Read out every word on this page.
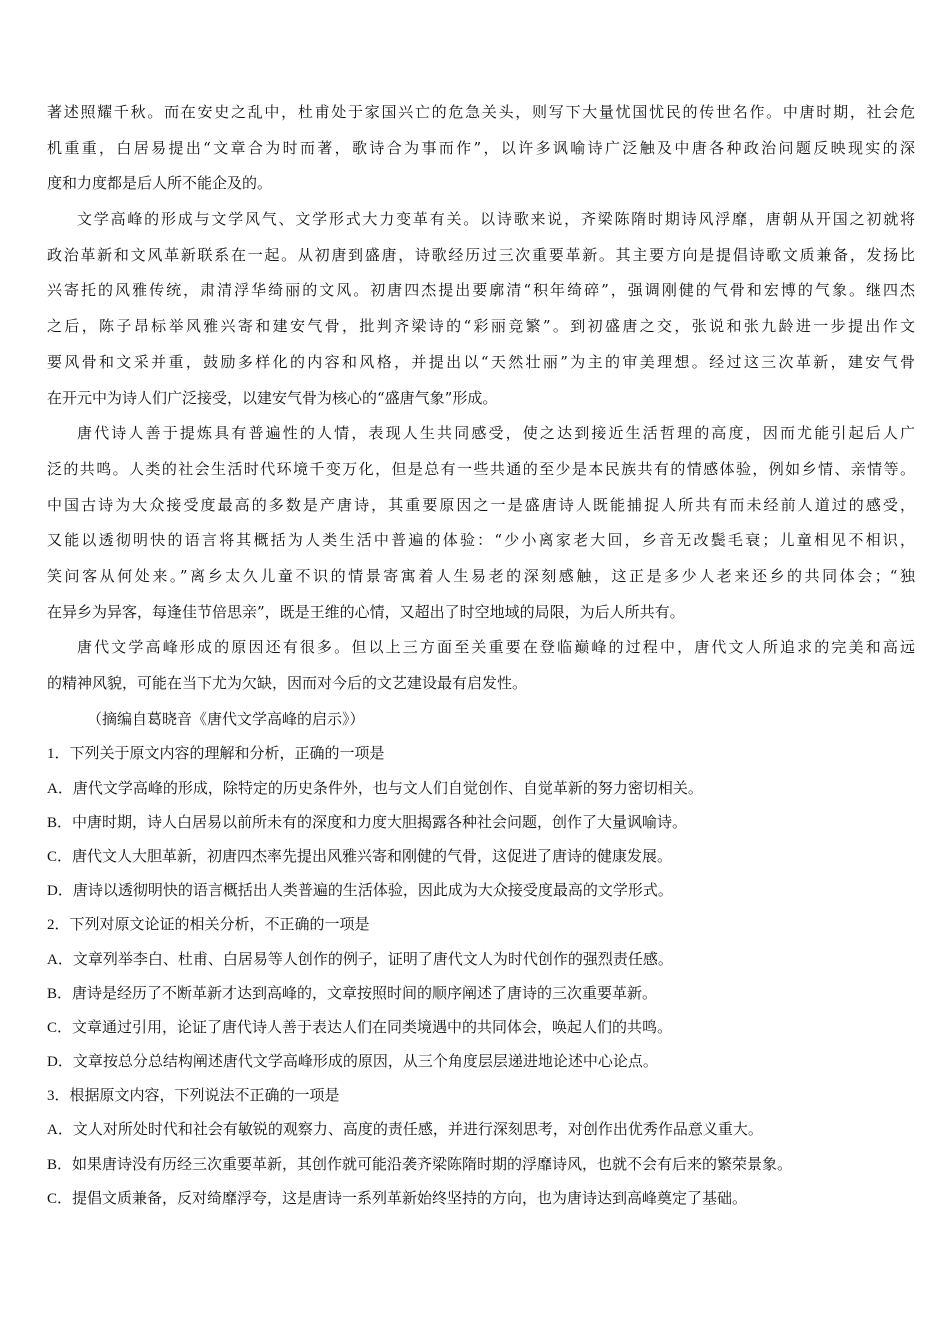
著述照耀千秋。而在安史之乱中，杜甫处于家国兴亡的危急关头，则写下大量忧国忧民的传世名作。中唐时期，社会危
机重重，白居易提出“文章合为时而著，歌诗合为事而作”，以许多讽喻诗广泛触及中唐各种政治问题反映现实的深
度和力度都是后人所不能企及的。
文学高峰的形成与文学风气、文学形式大力变革有关。以诗歌来说，齐梁陈隋时期诗风浮靡，唐朝从开国之初就将
政治革新和文风革新联系在一起。从初唐到盛唐，诗歌经历过三次重要革新。其主要方向是提倡诗歌文质兼备，发扬比
兴寄托的风雅传统，肃清浮华绮丽的文风。初唐四杰提出要廓清“积年绮碎”，强调刚健的气骨和宏博的气象。继四杰
之后，陈子昂标举风雅兴寄和建安气骨，批判齐梁诗的“彩丽竞繁”。到初盛唐之交，张说和张九龄进一步提出作文
要风骨和文采并重，鼓励多样化的内容和风格，并提出以“天然壮丽”为主的审美理想。经过这三次革新，建安气骨
在开元中为诗人们广泛接受，以建安气骨为核心的“盛唐气象”形成。
唐代诗人善于提炼具有普遍性的人情，表现人生共同感受，使之达到接近生活哲理的高度，因而尤能引起后人广
泛的共鸣。人类的社会生活时代环境千变万化，但是总有一些共通的至少是本民族共有的情感体验，例如乡情、亲情等。
中国古诗为大众接受度最高的多数是产唐诗，其重要原因之一是盛唐诗人既能捕捉人所共有而未经前人道过的感受，
又能以透彻明快的语言将其概括为人类生活中普遍的体验：“少小离家老大回，乡音无改鬓毛衰；儿童相见不相识，
笑问客从何处来。”离乡太久儿童不识的情景寄寓着人生易老的深刻感触，这正是多少人老来还乡的共同体会；“独
在异乡为异客，每逢佳节倍思亲”，既是王维的心情，又超出了时空地域的局限，为后人所共有。
唐代文学高峰形成的原因还有很多。但以上三方面至关重要在登临巅峰的过程中，唐代文人所追求的完美和高远
的精神风貌，可能在当下尤为欠缺，因而对今后的文艺建设最有启发性。
（摘编自葛晓音《唐代文学高峰的启示》）
1．下列关于原文内容的理解和分析，正确的一项是
A．唐代文学高峰的形成，除特定的历史条件外，也与文人们自觉创作、自觉革新的努力密切相关。
B．中唐时期，诗人白居易以前所未有的深度和力度大胆揭露各种社会问题，创作了大量讽喻诗。
C．唐代文人大胆革新，初唐四杰率先提出风雅兴寄和刚健的气骨，这促进了唐诗的健康发展。
D．唐诗以透彻明快的语言概括出人类普遍的生活体验，因此成为大众接受度最高的文学形式。
2．下列对原文论证的相关分析，不正确的一项是
A．文章列举李白、杜甫、白居易等人创作的例子，证明了唐代文人为时代创作的强烈责任感。
B．唐诗是经历了不断革新才达到高峰的，文章按照时间的顺序阐述了唐诗的三次重要革新。
C．文章通过引用，论证了唐代诗人善于表达人们在同类境遇中的共同体会，唤起人们的共鸣。
D．文章按总分总结构阐述唐代文学高峰形成的原因，从三个角度层层递进地论述中心论点。
3．根据原文内容，下列说法不正确的一项是
A．文人对所处时代和社会有敏锐的观察力、高度的责任感，并进行深刻思考，对创作出优秀作品意义重大。
B．如果唐诗没有历经三次重要革新，其创作就可能沿袭齐梁陈隋时期的浮靡诗风，也就不会有后来的繁荣景象。
C．提倡文质兼备，反对绮靡浮夸，这是唐诗一系列革新始终坚持的方向，也为唐诗达到高峰奠定了基础。
